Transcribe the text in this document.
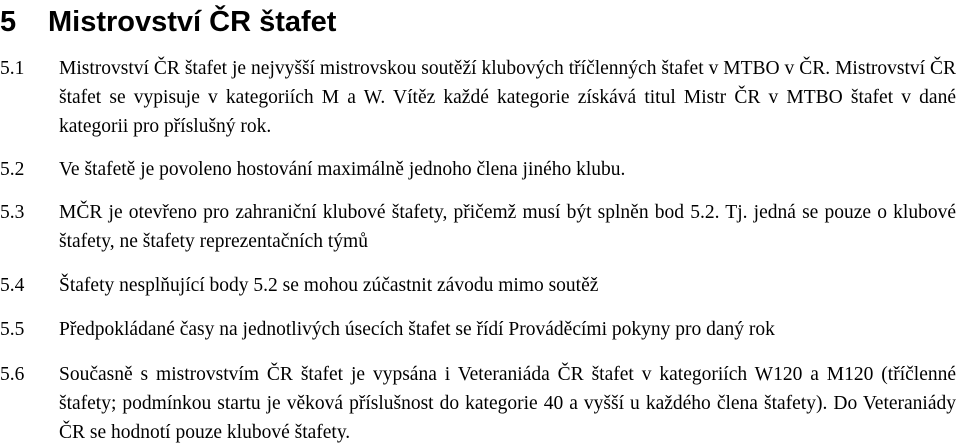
5 Mistrovství ČR štafet
5.1	Mistrovství ČR štafet je nejvyšší mistrovskou soutěží klubových tříčlenných štafet v MTBO v ČR. Mistrovství ČR štafet se vypisuje v kategoriích M a W. Vítěz každé kategorie získává titul Mistr ČR v MTBO štafet v dané kategorii pro příslušný rok.
5.2	Ve štafetě je povoleno hostování maximálně jednoho člena jiného klubu.
5.3	MČR je otevřeno pro zahraniční klubové štafety, přičemž musí být splněn bod 5.2. Tj. jedná se pouze o klubové štafety, ne štafety reprezentačních týmů
5.4	Štafety nesplňující body 5.2 se mohou zúčastnit závodu mimo soutěž
5.5	Předpokládané časy na jednotlivých úsecích štafet se řídí Prováděcími pokyny pro daný rok
5.6	Současně s mistrovstvím ČR štafet je vypsána i Veteraniáda ČR štafet v kategoriích W120 a M120 (tříčlenné štafety; podmínkou startu je věková příslušnost do kategorie 40 a vyšší u každého člena štafety). Do Veteraniády ČR se hodnotí pouze klubové štafety.
